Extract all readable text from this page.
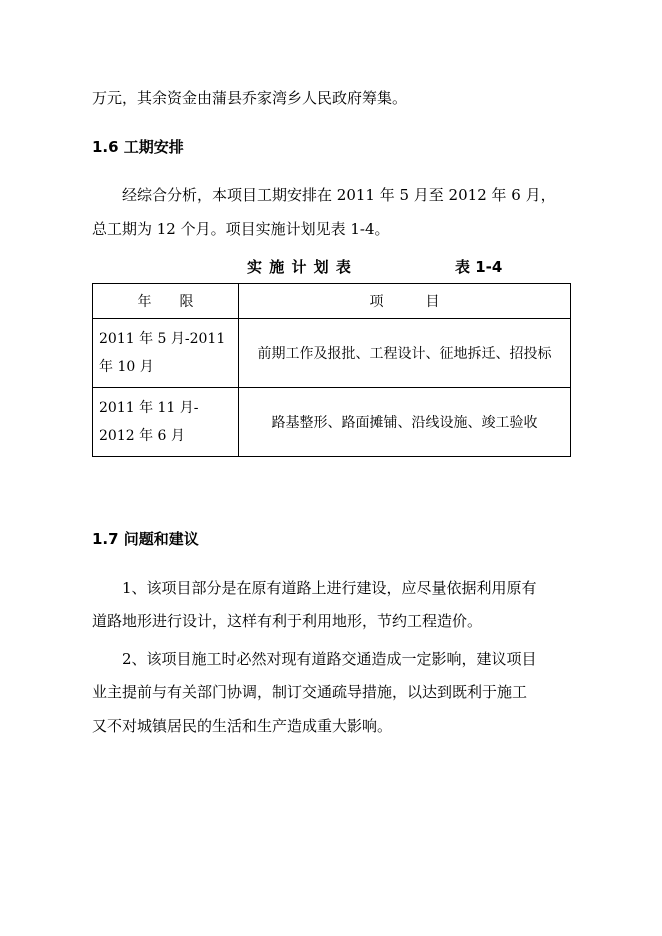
万元，其余资金由蒲县乔家湾乡人民政府筹集。
1.6 工期安排
经综合分析，本项目工期安排在 2011 年 5 月至 2012 年 6 月，
总工期为 12 个月。项目实施计划见表 1-4。
实 施 计 划 表	表 1-4
年　　限	项　　　目

2011 年 5 月-2011
年 10 月	前期工作及报批、工程设计、征地拆迁、招投标

2011 年 11 月-
2012 年 6 月	路基整形、路面摊铺、沿线设施、竣工验收
1.7 问题和建议
1、该项目部分是在原有道路上进行建设，应尽量依据利用原有
道路地形进行设计，这样有利于利用地形，节约工程造价。
2、该项目施工时必然对现有道路交通造成一定影响，建议项目
业主提前与有关部门协调，制订交通疏导措施，以达到既利于施工
又不对城镇居民的生活和生产造成重大影响。
